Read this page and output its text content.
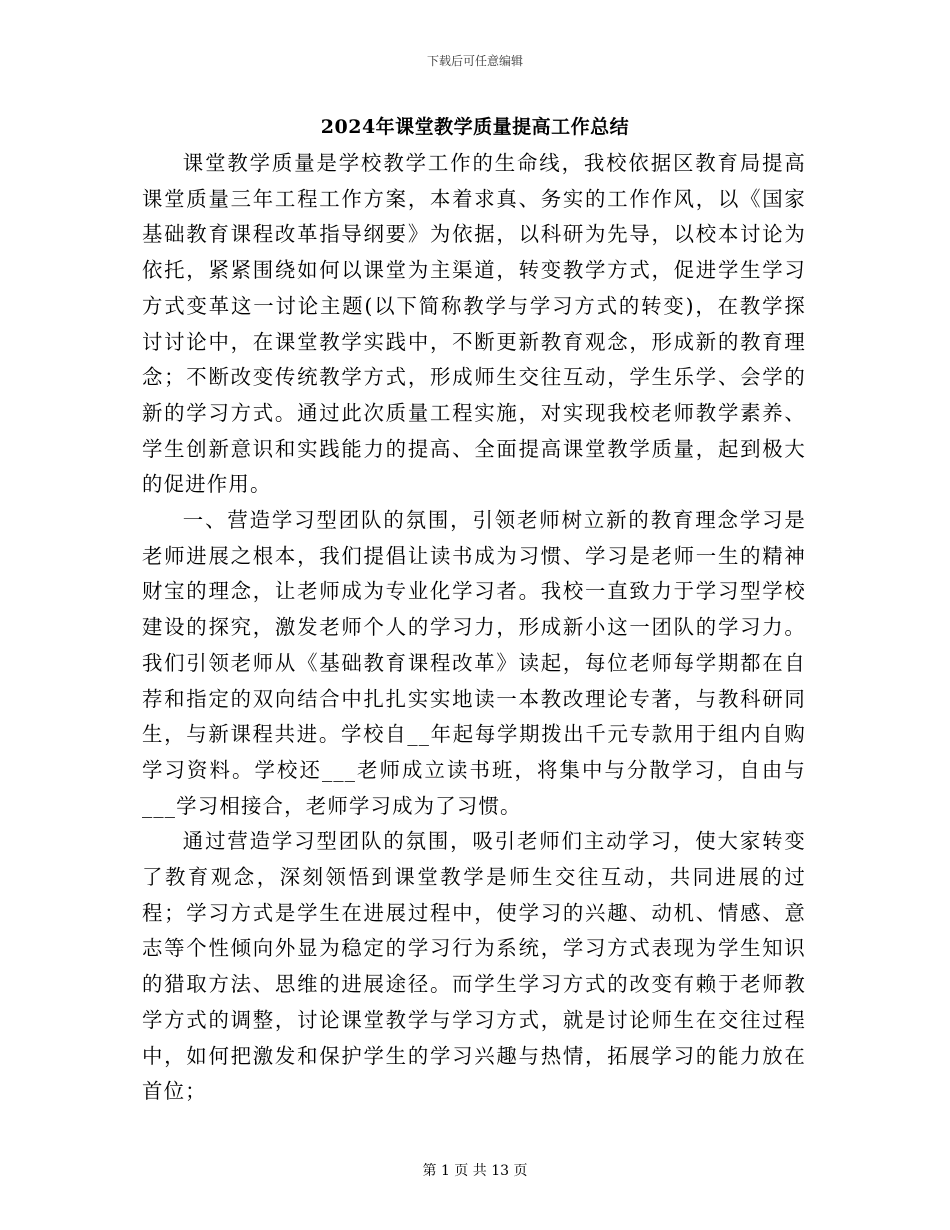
下载后可任意编辑
2024年课堂教学质量提高工作总结

课堂教学质量是学校教学工作的生命线，我校依据区教育局提高课堂质量三年工程工作方案，本着求真、务实的工作作风，以《国家基础教育课程改革指导纲要》为依据，以科研为先导，以校本讨论为依托，紧紧围绕如何以课堂为主渠道，转变教学方式，促进学生学习方式变革这一讨论主题(以下简称教学与学习方式的转变)，在教学探讨讨论中，在课堂教学实践中，不断更新教育观念，形成新的教育理念；不断改变传统教学方式，形成师生交往互动，学生乐学、会学的新的学习方式。通过此次质量工程实施，对实现我校老师教学素养、学生创新意识和实践能力的提高、全面提高课堂教学质量，起到极大的促进作用。

一、营造学习型团队的氛围，引领老师树立新的教育理念学习是老师进展之根本，我们提倡让读书成为习惯、学习是老师一生的精神财宝的理念，让老师成为专业化学习者。我校一直致力于学习型学校建设的探究，激发老师个人的学习力，形成新小这一团队的学习力。我们引领老师从《基础教育课程改革》读起，每位老师每学期都在自荐和指定的双向结合中扎扎实实地读一本教改理论专著，与教科研同生，与新课程共进。学校自__年起每学期拨出千元专款用于组内自购学习资料。学校还___老师成立读书班，将集中与分散学习，自由与___学习相接合，老师学习成为了习惯。

通过营造学习型团队的氛围，吸引老师们主动学习，使大家转变了教育观念，深刻领悟到课堂教学是师生交往互动，共同进展的过程；学习方式是学生在进展过程中，使学习的兴趣、动机、情感、意志等个性倾向外显为稳定的学习行为系统，学习方式表现为学生知识的猎取方法、思维的进展途径。而学生学习方式的改变有赖于老师教学方式的调整，讨论课堂教学与学习方式，就是讨论师生在交往过程中，如何把激发和保护学生的学习兴趣与热情，拓展学习的能力放在首位；

第 1 页 共 13 页
